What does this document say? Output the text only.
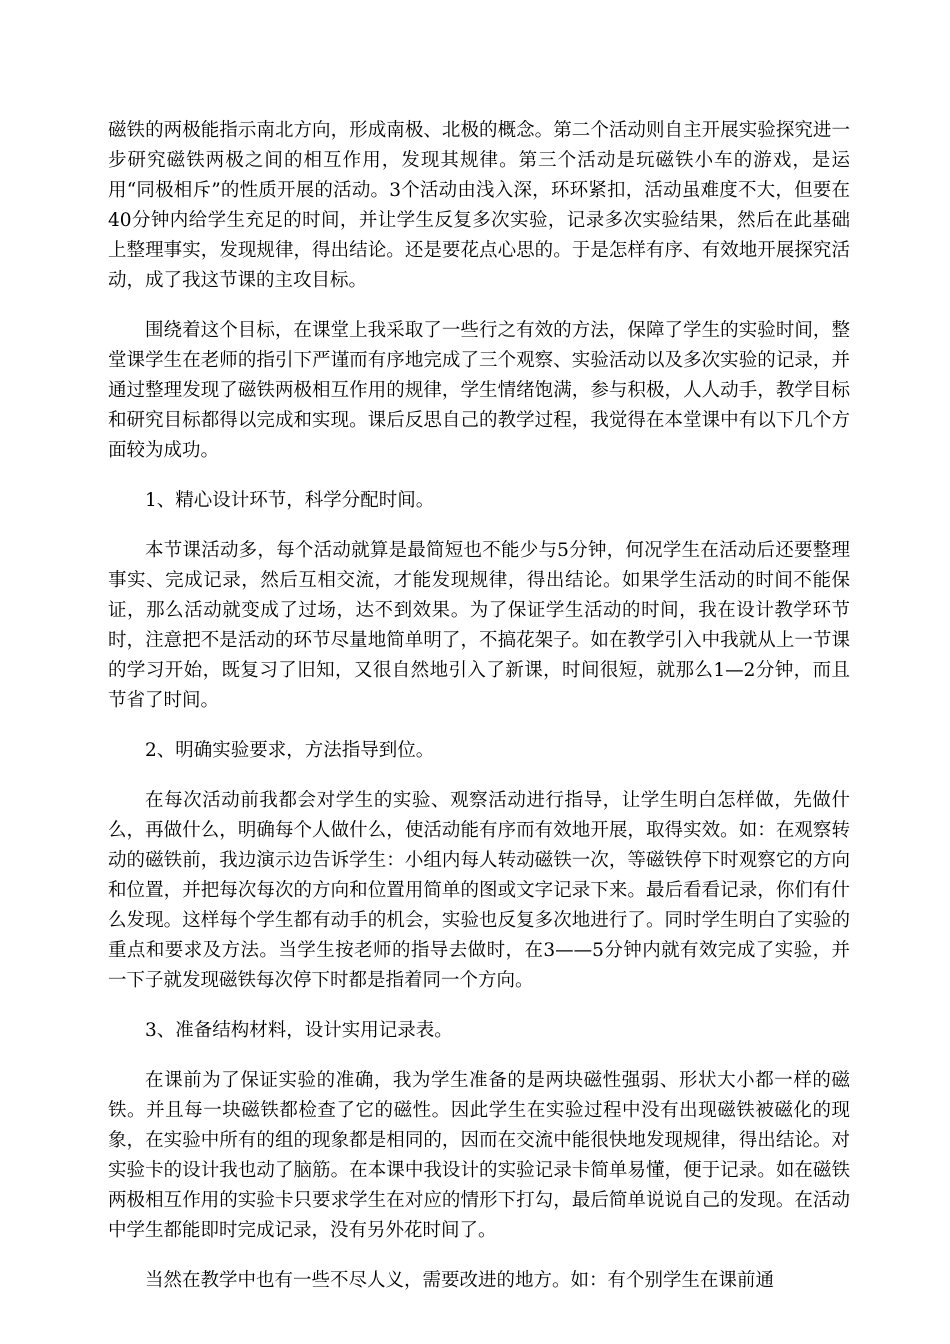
磁铁的两极能指示南北方向，形成南极、北极的概念。第二个活动则自主开展实验探究进一步研究磁铁两极之间的相互作用，发现其规律。第三个活动是玩磁铁小车的游戏，是运用“同极相斥”的性质开展的活动。3个活动由浅入深，环环紧扣，活动虽难度不大，但要在40分钟内给学生充足的时间，并让学生反复多次实验，记录多次实验结果，然后在此基础上整理事实，发现规律，得出结论。还是要花点心思的。于是怎样有序、有效地开展探究活动，成了我这节课的主攻目标。

围绕着这个目标，在课堂上我采取了一些行之有效的方法，保障了学生的实验时间，整堂课学生在老师的指引下严谨而有序地完成了三个观察、实验活动以及多次实验的记录，并通过整理发现了磁铁两极相互作用的规律，学生情绪饱满，参与积极，人人动手，教学目标和研究目标都得以完成和实现。课后反思自己的教学过程，我觉得在本堂课中有以下几个方面较为成功。

1、精心设计环节，科学分配时间。

本节课活动多，每个活动就算是最简短也不能少与5分钟，何况学生在活动后还要整理事实、完成记录，然后互相交流，才能发现规律，得出结论。如果学生活动的时间不能保证，那么活动就变成了过场，达不到效果。为了保证学生活动的时间，我在设计教学环节时，注意把不是活动的环节尽量地简单明了，不搞花架子。如在教学引入中我就从上一节课的学习开始，既复习了旧知，又很自然地引入了新课，时间很短，就那么1—2分钟，而且节省了时间。

2、明确实验要求，方法指导到位。

在每次活动前我都会对学生的实验、观察活动进行指导，让学生明白怎样做，先做什么，再做什么，明确每个人做什么，使活动能有序而有效地开展，取得实效。如：在观察转动的磁铁前，我边演示边告诉学生：小组内每人转动磁铁一次，等磁铁停下时观察它的方向和位置，并把每次每次的方向和位置用简单的图或文字记录下来。最后看看记录，你们有什么发现。这样每个学生都有动手的机会，实验也反复多次地进行了。同时学生明白了实验的重点和要求及方法。当学生按老师的指导去做时，在3——5分钟内就有效完成了实验，并一下子就发现磁铁每次停下时都是指着同一个方向。

3、准备结构材料，设计实用记录表。

在课前为了保证实验的准确，我为学生准备的是两块磁性强弱、形状大小都一样的磁铁。并且每一块磁铁都检查了它的磁性。因此学生在实验过程中没有出现磁铁被磁化的现象，在实验中所有的组的现象都是相同的，因而在交流中能很快地发现规律，得出结论。对实验卡的设计我也动了脑筋。在本课中我设计的实验记录卡简单易懂，便于记录。如在磁铁两极相互作用的实验卡只要求学生在对应的情形下打勾，最后简单说说自己的发现。在活动中学生都能即时完成记录，没有另外花时间了。

当然在教学中也有一些不尽人义，需要改进的地方。如：有个别学生在课前通
